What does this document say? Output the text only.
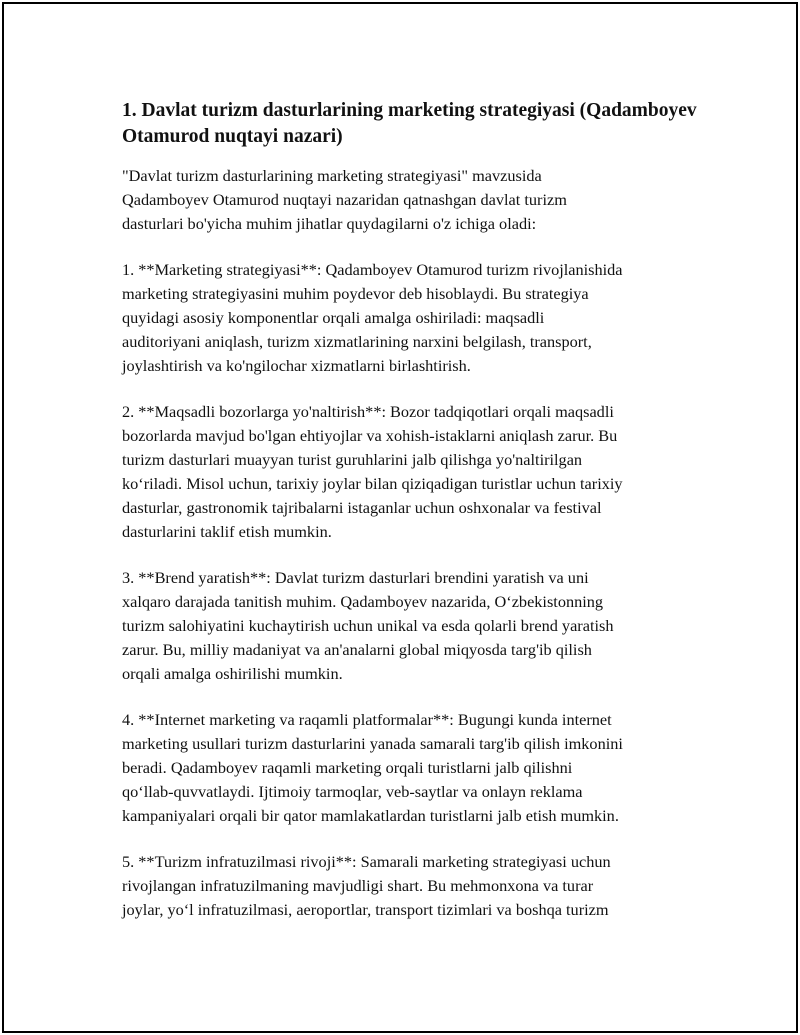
1. Davlat turizm dasturlarining marketing strategiyasi (Qadamboyev Otamurod nuqtayi nazari)

"Davlat turizm dasturlarining marketing strategiyasi" mavzusida
Qadamboyev Otamurod nuqtayi nazaridan qatnashgan davlat turizm
dasturlari bo'yicha muhim jihatlar quydagilarni o'z ichiga oladi:

1. **Marketing strategiyasi**: Qadamboyev Otamurod turizm rivojlanishida
marketing strategiyasini muhim poydevor deb hisoblaydi. Bu strategiya
quyidagi asosiy komponentlar orqali amalga oshiriladi: maqsadli
auditoriyani aniqlash, turizm xizmatlarining narxini belgilash, transport,
joylashtirish va ko'ngilochar xizmatlarni birlashtirish.

2. **Maqsadli bozorlarga yo'naltirish**: Bozor tadqiqotlari orqali maqsadli
bozorlarda mavjud bo'lgan ehtiyojlar va xohish-istaklarni aniqlash zarur. Bu
turizm dasturlari muayyan turist guruhlarini jalb qilishga yo'naltirilgan
ko‘riladi. Misol uchun, tarixiy joylar bilan qiziqadigan turistlar uchun tarixiy
dasturlar, gastronomik tajribalarni istaganlar uchun oshxonalar va festival
dasturlarini taklif etish mumkin.

3. **Brend yaratish**: Davlat turizm dasturlari brendini yaratish va uni
xalqaro darajada tanitish muhim. Qadamboyev nazarida, O‘zbekistonning
turizm salohiyatini kuchaytirish uchun unikal va esda qolarli brend yaratish
zarur. Bu, milliy madaniyat va an'analarni global miqyosda targ'ib qilish
orqali amalga oshirilishi mumkin.

4. **Internet marketing va raqamli platformalar**: Bugungi kunda internet
marketing usullari turizm dasturlarini yanada samarali targ'ib qilish imkonini
beradi. Qadamboyev raqamli marketing orqali turistlarni jalb qilishni
qo‘llab-quvvatlaydi. Ijtimoiy tarmoqlar, veb-saytlar va onlayn reklama
kampaniyalari orqali bir qator mamlakatlardan turistlarni jalb etish mumkin.

5. **Turizm infratuzilmasi rivoji**: Samarali marketing strategiyasi uchun
rivojlangan infratuzilmaning mavjudligi shart. Bu mehmonxona va turar
joylar, yo‘l infratuzilmasi, aeroportlar, transport tizimlari va boshqa turizm
